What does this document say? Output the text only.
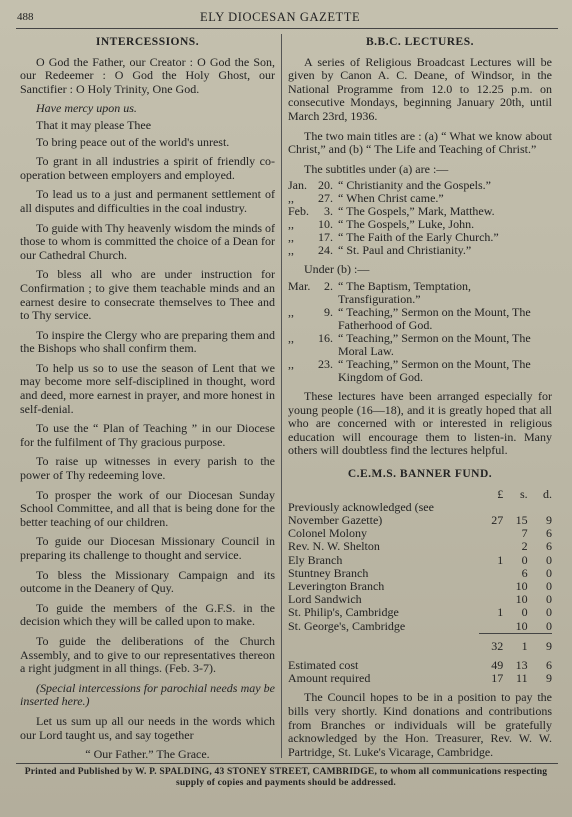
488	ELY DIOCESAN GAZETTE
INTERCESSIONS.

O God the Father, our Creator : O God the Son, our Redeemer : O God the Holy Ghost, our Sanctifier : O Holy Trinity, One God.

Have mercy upon us.

That it may please Thee

To bring peace out of the world's unrest.

To grant in all industries a spirit of friendly co-operation between employers and employed.

To lead us to a just and permanent settlement of all disputes and difficulties in the coal industry.

To guide with Thy heavenly wisdom the minds of those to whom is committed the choice of a Dean for our Cathedral Church.

To bless all who are under instruction for Confirmation ; to give them teachable minds and an earnest desire to consecrate themselves to Thee and to Thy service.

To inspire the Clergy who are preparing them and the Bishops who shall confirm them.

To help us so to use the season of Lent that we may become more self-disciplined in thought, word and deed, more earnest in prayer, and more honest in self-denial.

To use the “ Plan of Teaching ” in our Diocese for the fulfilment of Thy gracious purpose.

To raise up witnesses in every parish to the power of Thy redeeming love.

To prosper the work of our Diocesan Sunday School Committee, and all that is being done for the better teaching of our children.

To guide our Diocesan Missionary Council in preparing its challenge to thought and service.

To bless the Missionary Campaign and its outcome in the Deanery of Quy.

To guide the members of the G.F.S. in the decision which they will be called upon to make.

To guide the deliberations of the Church Assembly, and to give to our representatives thereon a right judgment in all things. (Feb. 3-7).

(Special intercessions for parochial needs may be inserted here.)

Let us sum up all our needs in the words which our Lord taught us, and say together

“ Our Father.” The Grace.

B.B.C. LECTURES.

A series of Religious Broadcast Lectures will be given by Canon A. C. Deane, of Windsor, in the National Programme from 12.0 to 12.25 p.m. on consecutive Mondays, beginning January 20th, until March 23rd, 1936.

The two main titles are : (a) “ What we know about Christ,” and (b) “ The Life and Teaching of Christ.”

The subtitles under (a) are :—

Jan.	20.	“ Christianity and the Gospels.”
,,	27.	“ When Christ came.”
Feb.	3.	“ The Gospels,” Mark, Matthew.
,,	10.	“ The Gospels,” Luke, John.
,,	17.	“ The Faith of the Early Church.”
,,	24.	“ St. Paul and Christianity.”

Under (b) :—

Mar.	2.	“ The Baptism, Temptation, Transfiguration.”
,,	9.	“ Teaching,” Sermon on the Mount, The Fatherhood of God.
,,	16.	“ Teaching,” Sermon on the Mount, The Moral Law.
,,	23.	“ Teaching,” Sermon on the Mount, The Kingdom of God.

These lectures have been arranged especially for young people (16—18), and it is greatly hoped that all who are concerned with or interested in religious education will encourage them to listen-in. Many others will doubtless find the lectures helpful.

C.E.M.S. BANNER FUND.
	£	s.	d.
Previously acknowledged (see November Gazette)	27	15	9
Colonel Molony		7	6
Rev. N. W. Shelton		2	6
Ely Branch	1	0	0
Stuntney Branch		6	0
Leverington Branch		10	0
Lord Sandwich		10	0
St. Philip's, Cambridge	1	0	0
St. George's, Cambridge		10	0
	32	1	9
Estimated cost	49	13	6
Amount required	17	11	9

The Council hopes to be in a position to pay the bills very shortly. Kind donations and contributions from Branches or individuals will be gratefully acknowledged by the Hon. Treasurer, Rev. W. W. Partridge, St. Luke's Vicarage, Cambridge.

Printed and Published by W. P. SPALDING, 43 STONEY STREET, CAMBRIDGE, to whom all communications respecting supply of copies and payments should be addressed.
